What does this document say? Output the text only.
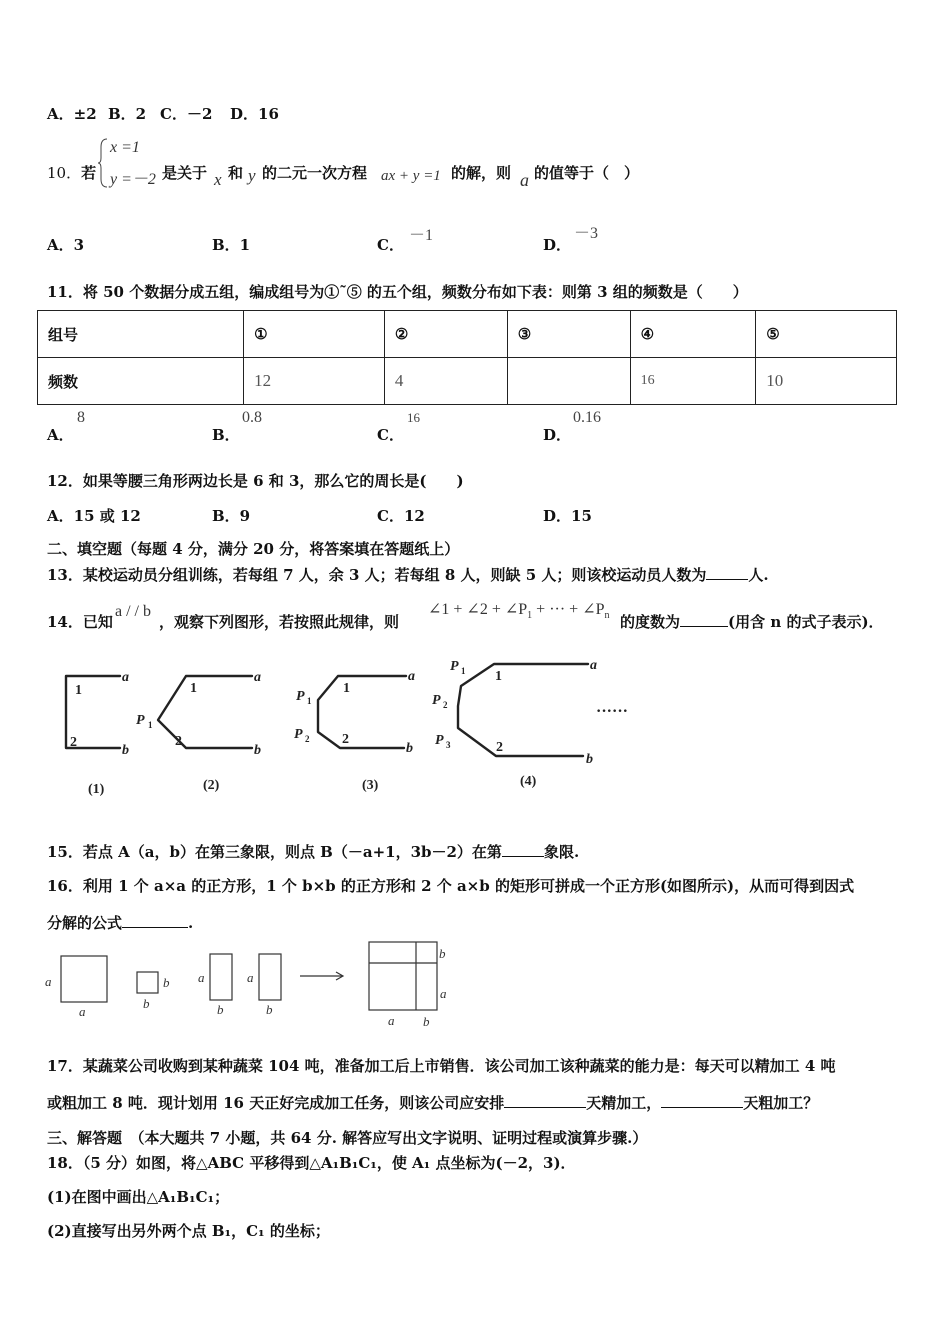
A．±2 B．2 C．－2 D．16
10．若
x =1
y =－2 是关于 x 和 y 的二元一次方程 ax + y =1 的解，则 a 的值等于（　）
A．3	B．1	C．
－1
D．
－3
11．将 50 个数据分成五组，编成组号为①˜⑤ 的五个组，频数分布如下表：则第 3 组的频数是（　　）
组号	①	②	③	④	⑤
频数	12	4		16	10
A．
8
B．
0.8
C．
16
D．
0.16
12．如果等腰三角形两边长是 6 和 3，那么它的周长是(　　)
A．15 或 12	B．9	C．12	D．15
二、填空题（每题 4 分，满分 20 分，将答案填在答题纸上）
13．某校运动员分组训练，若每组 7 人，余 3 人；若每组 8 人，则缺 5 人；则该校运动员人数为	人.
14．已知
a / / b
，观察下列图形，若按照此规律，则
∠1 + ∠2 + $\angle P_1$ + ··· + $\angle P_n$ 的度数为	(用含 n 的式子表示)．
1
2
a
b
1
2
P 1
a
b
1
2
P 1
P 2
a
b
1
2
P 1
P 2
P 3
a
b
(1)	(2)	(3)	(4)
······
15．若点 A（a，b）在第三象限，则点 B（－a+1，3b－2）在第	象限.
16．利用 1 个 a×a 的正方形，1 个 b×b 的正方形和 2 个 a×b 的矩形可拼成一个正方形(如图所示)，从而可得到因式
分解的公式	.
a
a
b
b
a
b
a
b
b
a
a b
17．某蔬菜公司收购到某种蔬菜 104 吨，准备加工后上市销售．该公司加工该种蔬菜的能力是：每天可以精加工 4 吨
或粗加工 8 吨．现计划用 16 天正好完成加工任务，则该公司应安排	天精加工，	天粗加工？
三、解答题　（本大题共 7 小题，共 64 分. 解答应写出文字说明、证明过程或演算步骤.）
18．（5 分）如图，将△ABC 平移得到△A₁B₁C₁，使 A₁ 点坐标为(－2，3)．
(1)在图中画出△A₁B₁C₁；
(2)直接写出另外两个点 B₁，C₁ 的坐标；
